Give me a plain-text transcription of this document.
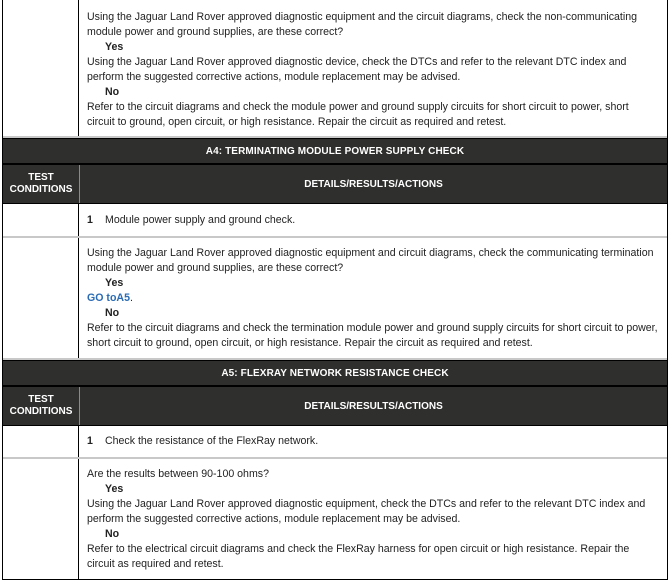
Using the Jaguar Land Rover approved diagnostic equipment and the circuit diagrams, check the non-communicating module power and ground supplies, are these correct?

Yes

Using the Jaguar Land Rover approved diagnostic device, check the DTCs and refer to the relevant DTC index and perform the suggested corrective actions, module replacement may be advised.

No

Refer to the circuit diagrams and check the module power and ground supply circuits for short circuit to power, short circuit to ground, open circuit, or high resistance. Repair the circuit as required and retest.

A4: TERMINATING MODULE POWER SUPPLY CHECK
TEST CONDITIONS	DETAILS/RESULTS/ACTIONS
1	Module power supply and ground check.

Using the Jaguar Land Rover approved diagnostic equipment and circuit diagrams, check the communicating termination module power and ground supplies, are these correct?

Yes

GO toA5.

No

Refer to the circuit diagrams and check the termination module power and ground supply circuits for short circuit to power, short circuit to ground, open circuit, or high resistance. Repair the circuit as required and retest.

A5: FLEXRAY NETWORK RESISTANCE CHECK
TEST CONDITIONS	DETAILS/RESULTS/ACTIONS
1	Check the resistance of the FlexRay network.

Are the results between 90-100 ohms?

Yes

Using the Jaguar Land Rover approved diagnostic equipment, check the DTCs and refer to the relevant DTC index and perform the suggested corrective actions, module replacement may be advised.

No

Refer to the electrical circuit diagrams and check the FlexRay harness for open circuit or high resistance. Repair the circuit as required and retest.
